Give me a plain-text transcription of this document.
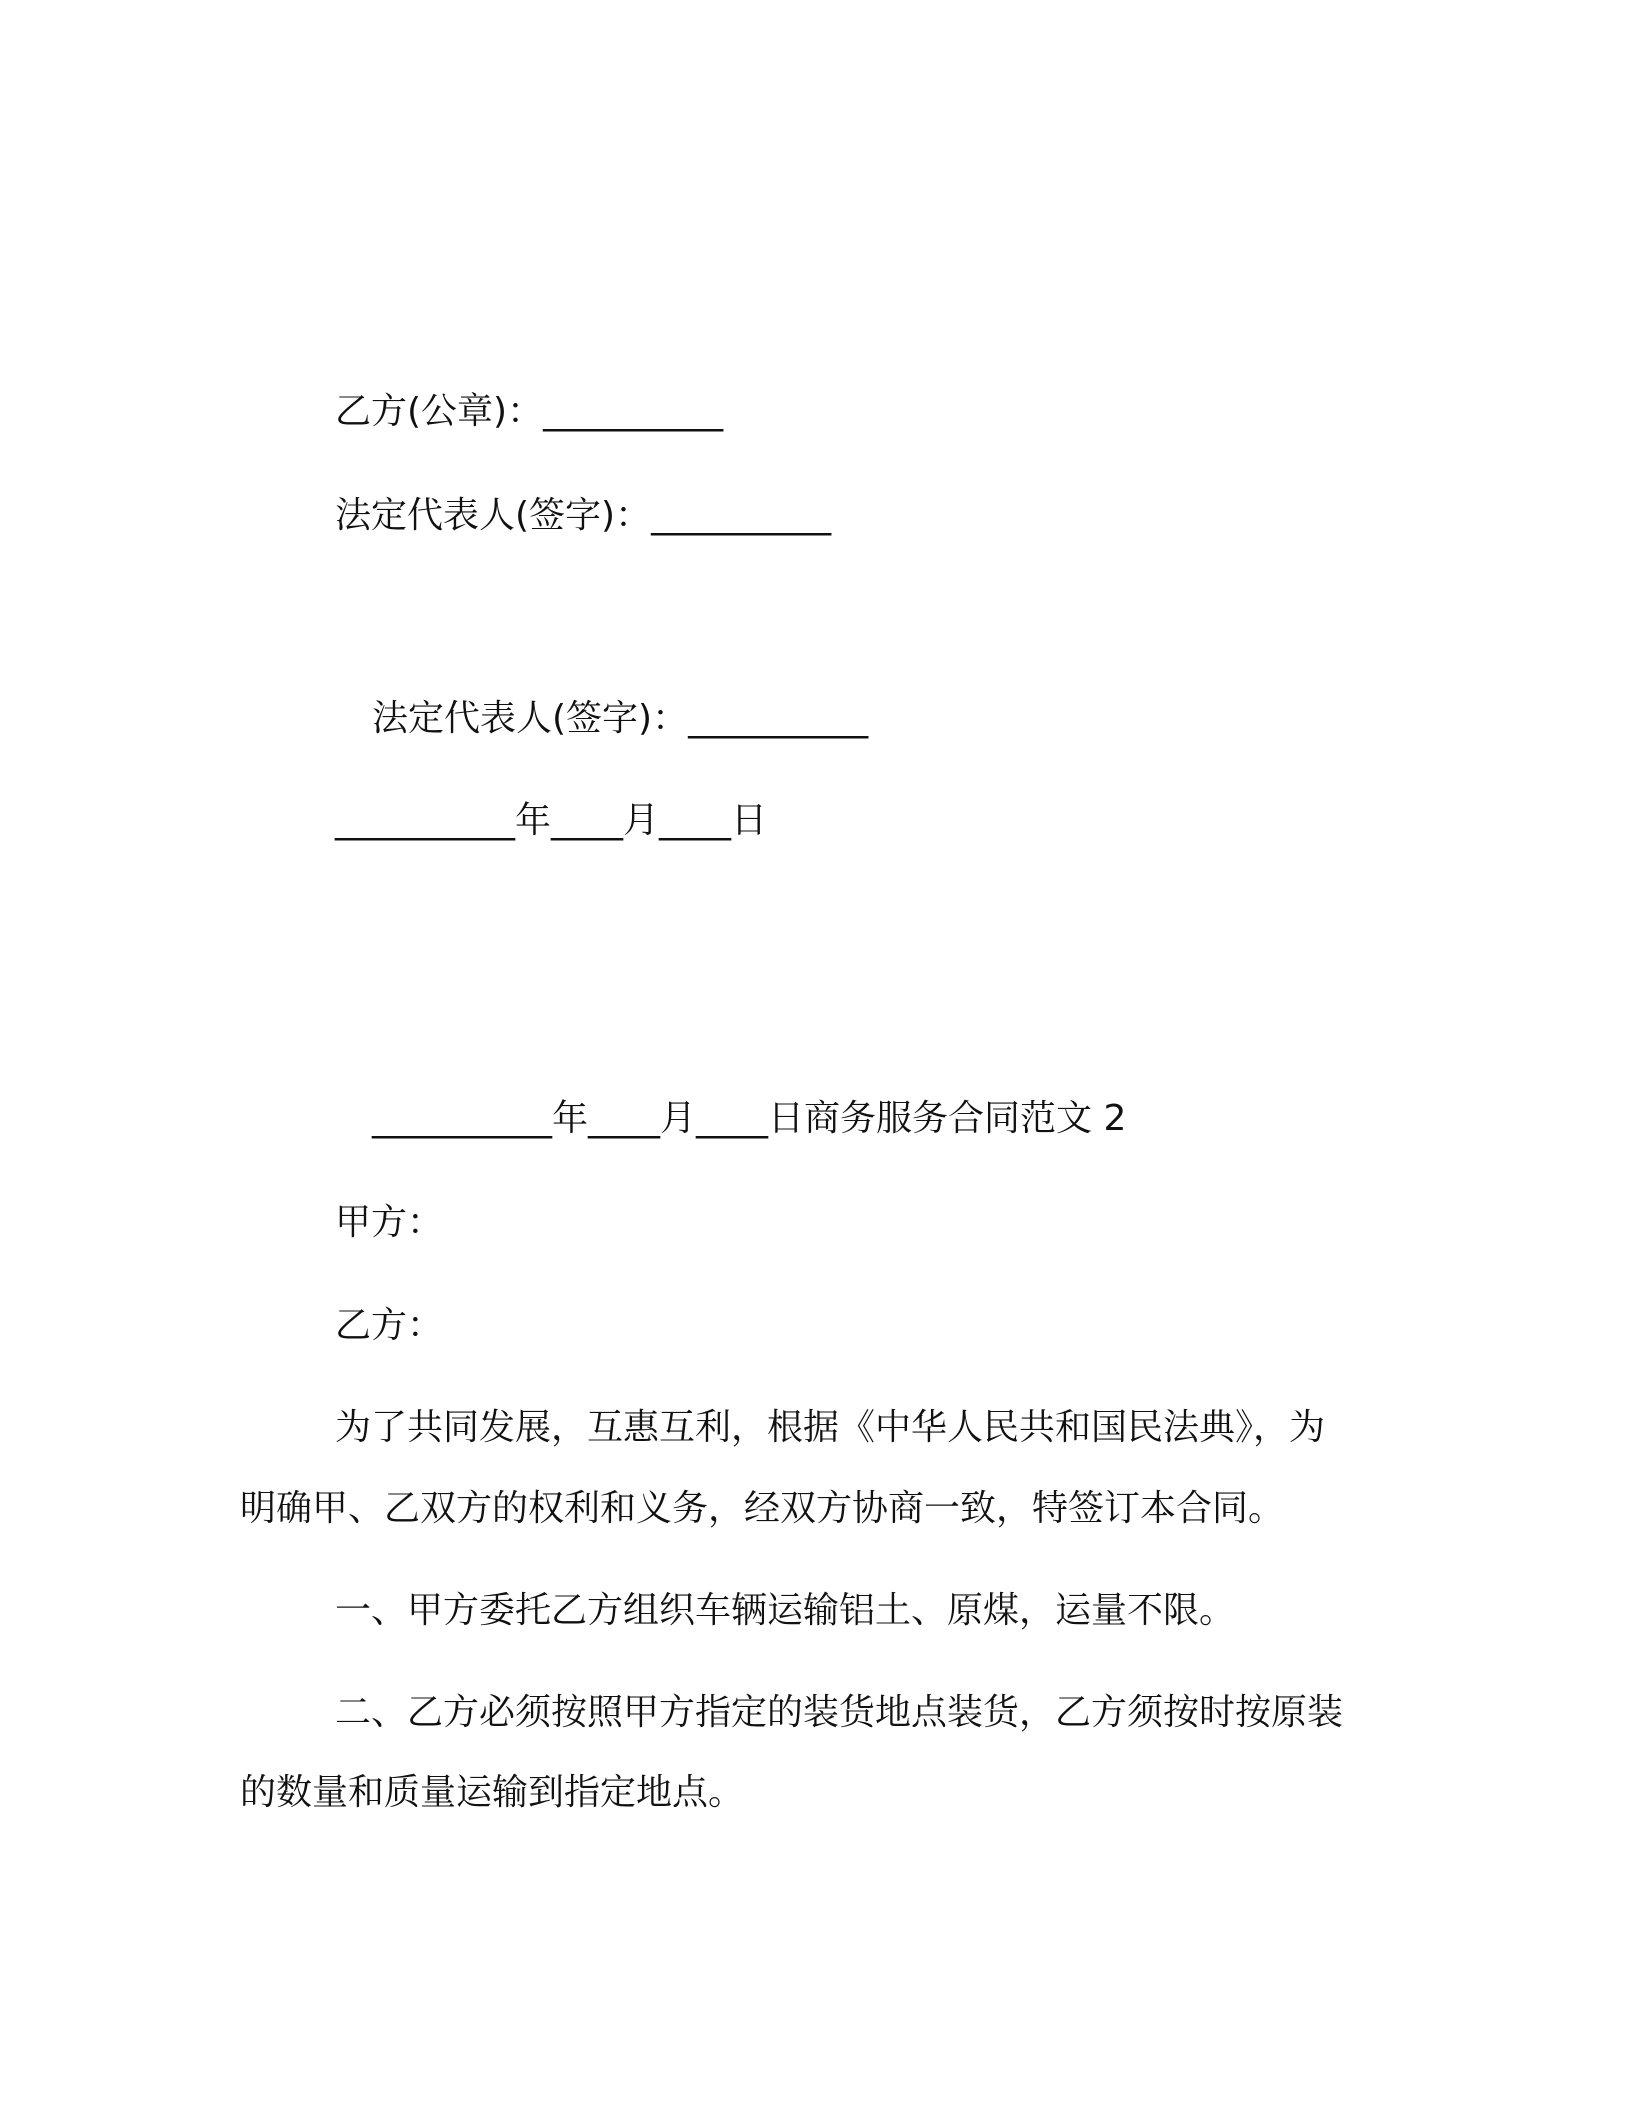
乙方(公章)：__________
法定代表人(签字)：__________
法定代表人(签字)：__________
__________年____月____日
__________年____月____日商务服务合同范文 2
甲方：
乙方：
为了共同发展，互惠互利，根据《中华人民共和国民法典》，为
明确甲、乙双方的权利和义务，经双方协商一致，特签订本合同。
一、甲方委托乙方组织车辆运输铝土、原煤，运量不限。
二、乙方必须按照甲方指定的装货地点装货，乙方须按时按原装
的数量和质量运输到指定地点。
